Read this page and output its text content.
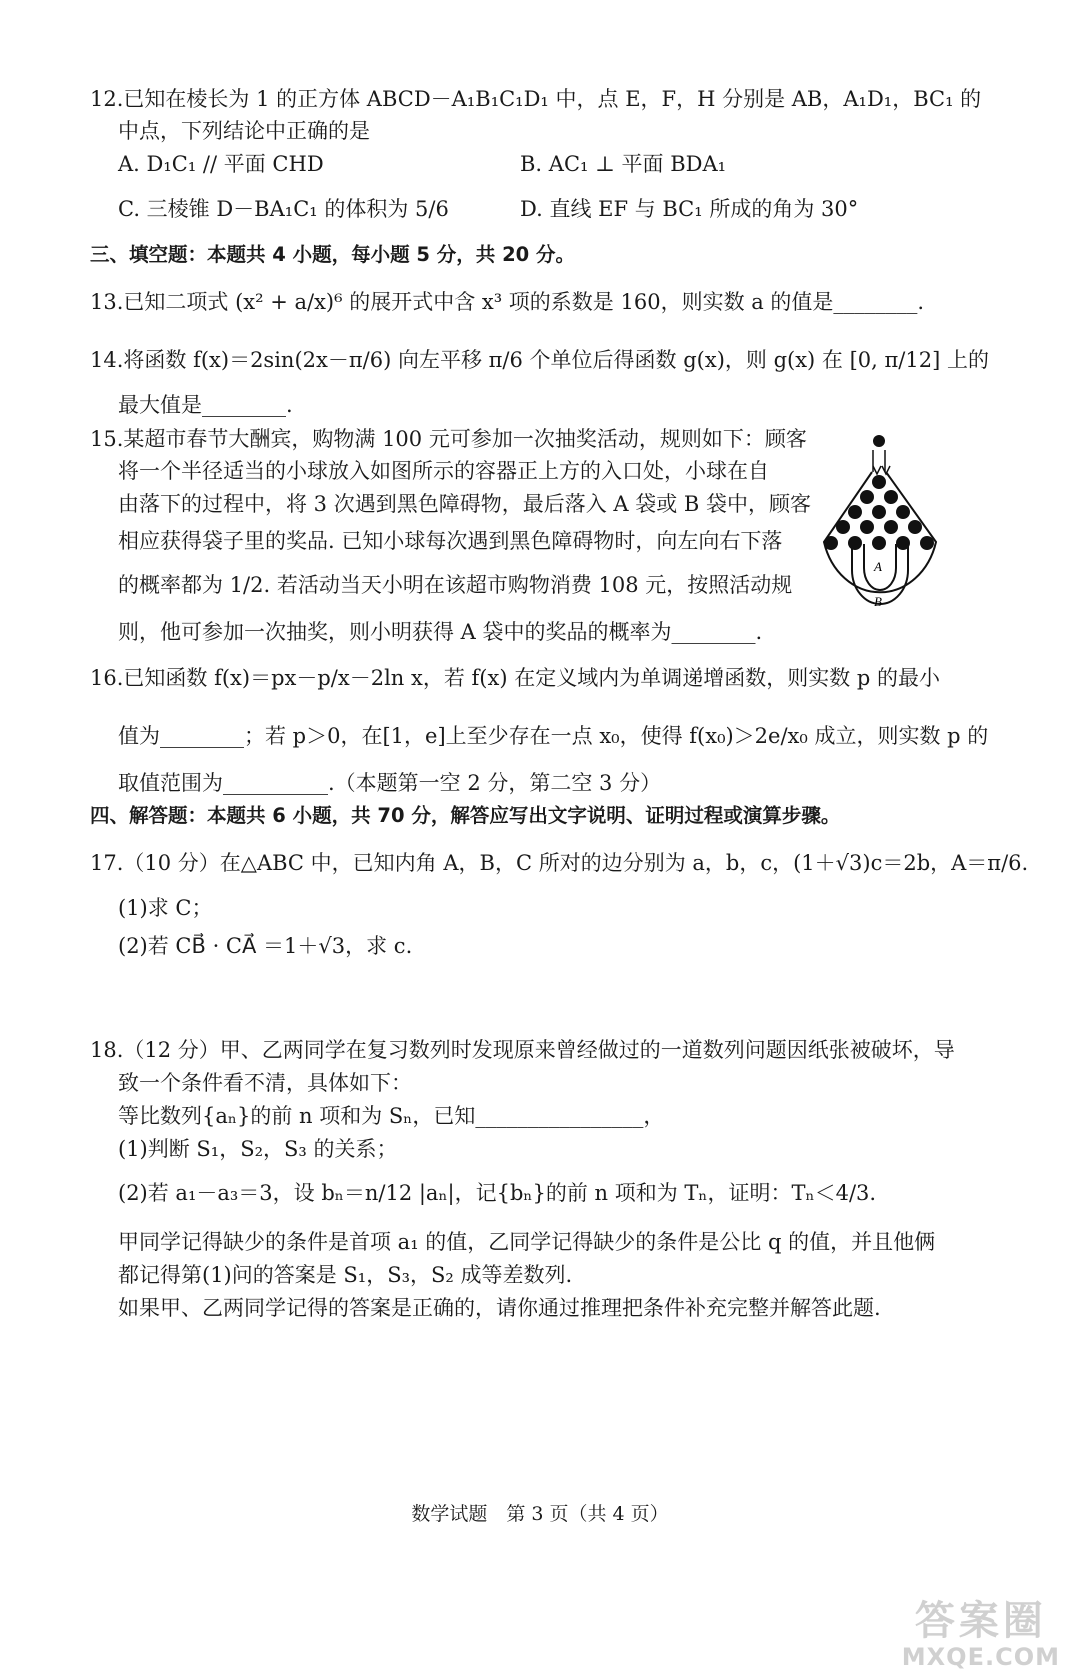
12.已知在棱长为 1 的正方体 ABCD－A₁B₁C₁D₁ 中，点 E，F，H 分别是 AB，A₁D₁，BC₁ 的
中点，下列结论中正确的是
A. D₁C₁ // 平面 CHD	B. AC₁ ⊥ 平面 BDA₁
C. 三棱锥 D－BA₁C₁ 的体积为 5/6	D. 直线 EF 与 BC₁ 所成的角为 30°
三、填空题：本题共 4 小题，每小题 5 分，共 20 分。
13.已知二项式 (x² + a/x)⁶ 的展开式中含 x³ 项的系数是 160，则实数 a 的值是________.
14.将函数 f(x)＝2sin(2x－π/6) 向左平移 π/6 个单位后得函数 g(x)，则 g(x) 在 [0, π/12] 上的
最大值是________.
15.某超市春节大酬宾，购物满 100 元可参加一次抽奖活动，规则如下：顾客
将一个半径适当的小球放入如图所示的容器正上方的入口处，小球在自
由落下的过程中，将 3 次遇到黑色障碍物，最后落入 A 袋或 B 袋中，顾客
相应获得袋子里的奖品. 已知小球每次遇到黑色障碍物时，向左向右下落
的概率都为 1/2. 若活动当天小明在该超市购物消费 108 元，按照活动规
则，他可参加一次抽奖，则小明获得 A 袋中的奖品的概率为________.
A
B
16.已知函数 f(x)＝px－p/x－2ln x，若 f(x) 在定义域内为单调递增函数，则实数 p 的最小
值为________；若 p＞0，在[1，e]上至少存在一点 x₀，使得 f(x₀)＞2e/x₀ 成立，则实数 p 的
取值范围为__________.（本题第一空 2 分，第二空 3 分）
四、解答题：本题共 6 小题，共 70 分，解答应写出文字说明、证明过程或演算步骤。
17.（10 分）在△ABC 中，已知内角 A，B，C 所对的边分别为 a，b，c，(1＋√3)c＝2b，A＝π/6.
(1)求 C；
(2)若 CB⃗ · CA⃗ ＝1＋√3，求 c.
18.（12 分）甲、乙两同学在复习数列时发现原来曾经做过的一道数列问题因纸张被破坏，导
致一个条件看不清，具体如下：
等比数列{aₙ}的前 n 项和为 Sₙ，已知________________，
(1)判断 S₁，S₂，S₃ 的关系；
(2)若 a₁－a₃＝3，设 bₙ＝n/12 |aₙ|，记{bₙ}的前 n 项和为 Tₙ，证明：Tₙ＜4/3.
甲同学记得缺少的条件是首项 a₁ 的值，乙同学记得缺少的条件是公比 q 的值，并且他俩
都记得第(1)问的答案是 S₁，S₃，S₂ 成等差数列.
如果甲、乙两同学记得的答案是正确的，请你通过推理把条件补充完整并解答此题.
数学试题　第 3 页（共 4 页）
答案圈
MXQE.COM
